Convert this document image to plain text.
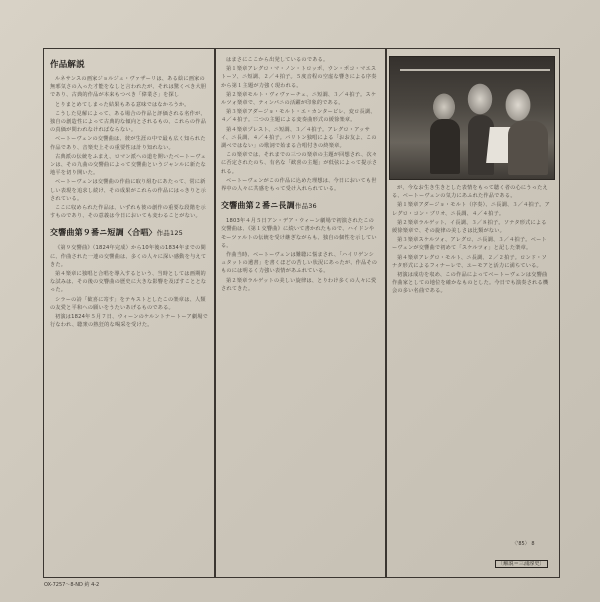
作品解説

ルネサンスの画家ジョルジュ・ヴァザーリは、ある絵に画家の無邪気さの入った才能をなしと言われたが、それは驚くべき大胆であり、古典的作品が本来もつべき「偉業さ」を探し

とりまとめてしまった結果もある意味ではなかろうか。

こうした見解によって、ある場合の作品と評価される名作が、独自の創造性によって古典的な傾向とされるもの、これらの作品の真価が問われなければならない。

ベートーヴェンの交響曲は、彼が生涯の中で最も広く知られた作品であり、音楽史上その重要性は計り知れない。

古典派の伝統をふまえ、ロマン派への道を開いたベートーヴェンは、その九曲の交響曲によって交響曲というジャンルに新たな地平を切り開いた。

ベートーヴェンは交響曲の作曲に取り組むにあたって、常に新しい表現を追求し続け、その成果がこれらの作品にはっきりと示されている。

ここに収められた作品は、いずれも彼の創作の重要な段階を示すものであり、その意義は今日においても変わることがない。

交響曲第９番ニ短調〈合唱〉作品125

《第９交響曲》（1824年完成）から10年後の1834年までの間に、作曲された一連の交響曲は、多くの人々に深い感動を与えてきた。

第４楽章に独唱と合唱を導入するという、当時としては画期的な試みは、その後の交響曲の歴史に大きな影響を及ぼすこととなった。

シラーの詩「歓喜に寄す」をテキストとしたこの楽章は、人類の友愛と平和への願いをうたいあげるものである。

初演は1824年５月７日、ウィーンのケルントナートーア劇場で行なわれ、聴衆の熱狂的な喝采を受けた。

はまさにここから出発しているのである。

第１楽章アレグロ・マ・ノン・トロッポ、ウン・ポコ・マエストーソ、ニ短調、２／４拍子。５度音程の空虚な響きによる序奏から第１主題が力強く現われる。

第２楽章モルト・ヴィヴァーチェ、ニ短調、３／４拍子。スケルツォ楽章で、ティンパニの活躍が印象的である。

第３楽章アダージョ・モルト・エ・カンタービレ、変ロ長調、４／４拍子。二つの主題による変奏曲形式の緩徐楽章。

第４楽章プレスト、ニ短調、３／４拍子。アレグロ・アッサイ、ニ長調、４／４拍子。バリトン独唱による「おお友よ、この調べではない」の歌詞で始まる合唱付きの終楽章。

この楽章では、それまでの三つの楽章の主題が回想され、次々に否定されたのち、有名な「歓喜の主題」が低弦によって提示される。

ベートーヴェンがこの作品に込めた理想は、今日においても世界中の人々に共感をもって受け入れられている。

交響曲第２番ニ長調作品36

1803年４月５日アン・デア・ウィーン劇場で初演されたこの交響曲は、《第１交響曲》に続いて書かれたもので、ハイドンやモーツァルトの伝統を受け継ぎながらも、独自の個性を示している。

作曲当時、ベートーヴェンは難聴に悩まされ、「ハイリゲンシュタットの遺書」を書くほどの苦しい状況にあったが、作品そのものには明るく力強い表情があふれている。

第２楽章ラルゲットの美しい旋律は、とりわけ多くの人々に愛されてきた。

が、今なお生き生きとした表情をもって聴く者の心にうったえる、ベートーヴェンの気力にあふれた作品である。

第１楽章アダージョ・モルト（序奏）、ニ長調、３／４拍子。アレグロ・コン・ブリオ、ニ長調、４／４拍子。

第２楽章ラルゲット、イ長調、３／８拍子。ソナタ形式による緩徐楽章で、その旋律の美しさは比類がない。

第３楽章スケルツォ、アレグロ、ニ長調、３／４拍子。ベートーヴェンが交響曲で初めて「スケルツォ」と記した楽章。

第４楽章アレグロ・モルト、ニ長調、２／２拍子。ロンド・ソナタ形式によるフィナーレで、ユーモアと活力に満ちている。

初演は成功を収め、この作品によってベートーヴェンは交響曲作曲家としての地位を確かなものとした。今日でも演奏される機会の多い名曲である。

〈'85〉 8
〔解説＝三浦淳史〕
OX-7257～8-ND 約 4-2
